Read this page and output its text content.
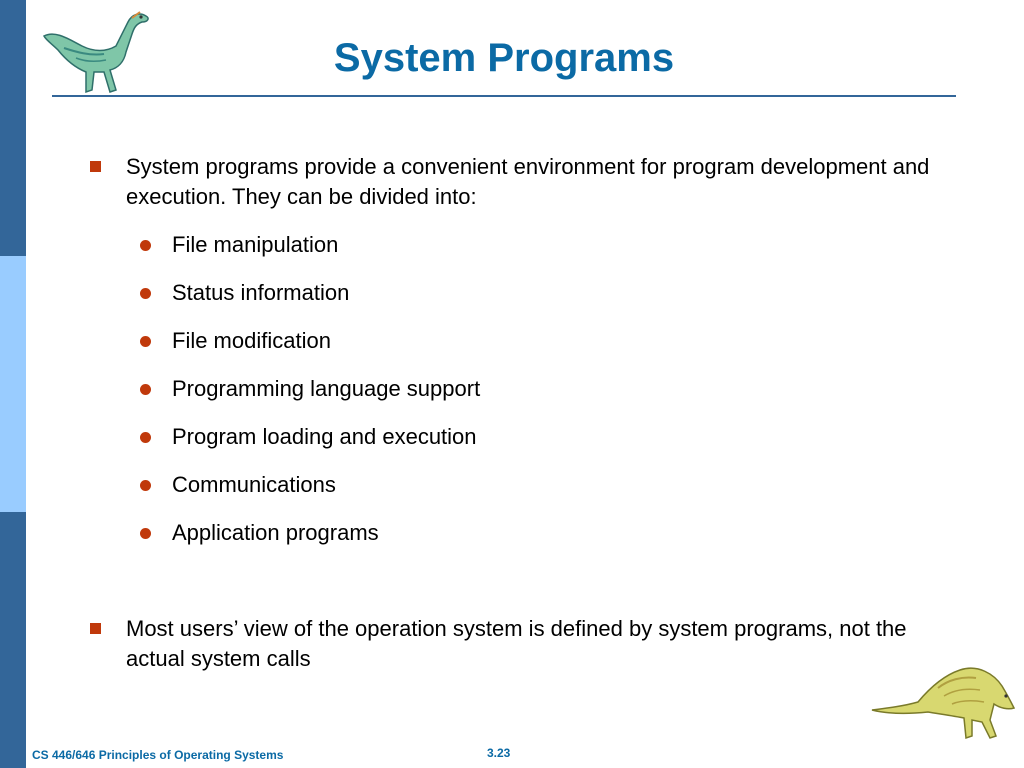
System Programs
System programs provide a convenient environment for program development and execution. They can be divided into:
File manipulation
Status information
File modification
Programming language support
Program loading and execution
Communications
Application programs
Most users’ view of the operation system is defined by system programs, not the actual system calls
CS 446/646 Principles of Operating Systems	3.23
